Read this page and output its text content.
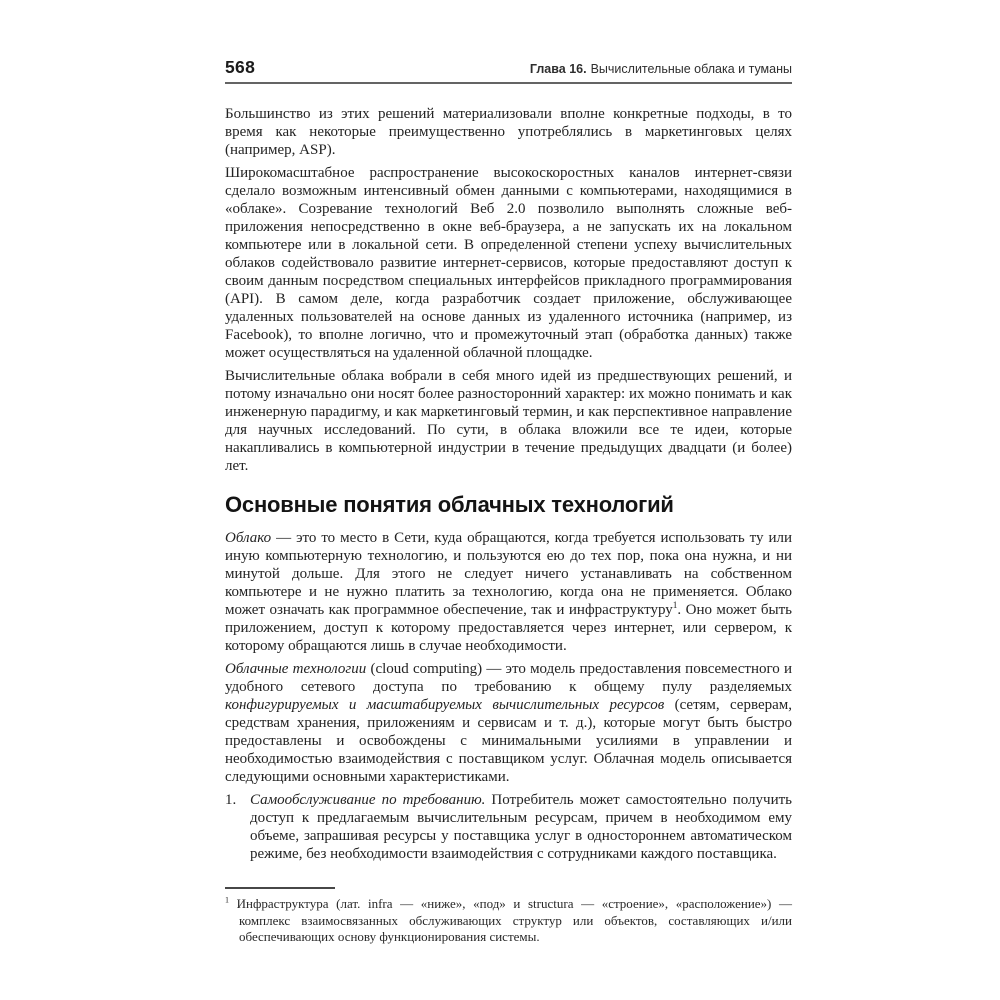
568	Глава 16. Вычислительные облака и туманы

Большинство из этих решений материализовали вполне конкретные подходы, в то время как некоторые преимущественно употреблялись в маркетинговых целях (например, ASP).

Широкомасштабное распространение высокоскоростных каналов интернет-связи сделало возможным интенсивный обмен данными с компьютерами, находящимися в «облаке». Созревание технологий Веб 2.0 позволило выполнять сложные веб-приложения непосредственно в окне веб-браузера, а не запускать их на локальном компьютере или в локальной сети. В определенной степени успеху вычислительных облаков содействовало развитие интернет-сервисов, которые предоставляют доступ к своим данным посредством специальных интерфейсов прикладного программирования (API). В самом деле, когда разработчик создает приложение, обслуживающее удаленных пользователей на основе данных из удаленного источника (например, из Facebook), то вполне логично, что и промежуточный этап (обработка данных) также может осуществляться на удаленной облачной площадке.

Вычислительные облака вобрали в себя много идей из предшествующих решений, и потому изначально они носят более разносторонний характер: их можно понимать и как инженерную парадигму, и как маркетинговый термин, и как перспективное направление для научных исследований. По сути, в облака вложили все те идеи, которые накапливались в компьютерной индустрии в течение предыдущих двадцати (и более) лет.

Основные понятия облачных технологий

Облако — это то место в Сети, куда обращаются, когда требуется использовать ту или иную компьютерную технологию, и пользуются ею до тех пор, пока она нужна, и ни минутой дольше. Для этого не следует ничего устанавливать на собственном компьютере и не нужно платить за технологию, когда она не применяется. Облако может означать как программное обеспечение, так и инфраструктуру$^1$. Оно может быть приложением, доступ к которому предоставляется через интернет, или сервером, к которому обращаются лишь в случае необходимости.

Облачные технологии (cloud computing) — это модель предоставления повсеместного и удобного сетевого доступа по требованию к общему пулу разделяемых конфигурируемых и масштабируемых вычислительных ресурсов (сетям, серверам, средствам хранения, приложениям и сервисам и т. д.), которые могут быть быстро предоставлены и освобождены с минимальными усилиями в управлении и необходимостью взаимодействия с поставщиком услуг. Облачная модель описывается следующими основными характеристиками.

1. Самообслуживание по требованию. Потребитель может самостоятельно получить доступ к предлагаемым вычислительным ресурсам, причем в необходимом ему объеме, запрашивая ресурсы у поставщика услуг в одностороннем автоматическом режиме, без необходимости взаимодействия с сотрудниками каждого поставщика.
$^1$ Инфраструктура (лат. infra — «ниже», «под» и structura — «строение», «расположение») — комплекс взаимосвязанных обслуживающих структур или объектов, составляющих и/или обеспечивающих основу функционирования системы.
